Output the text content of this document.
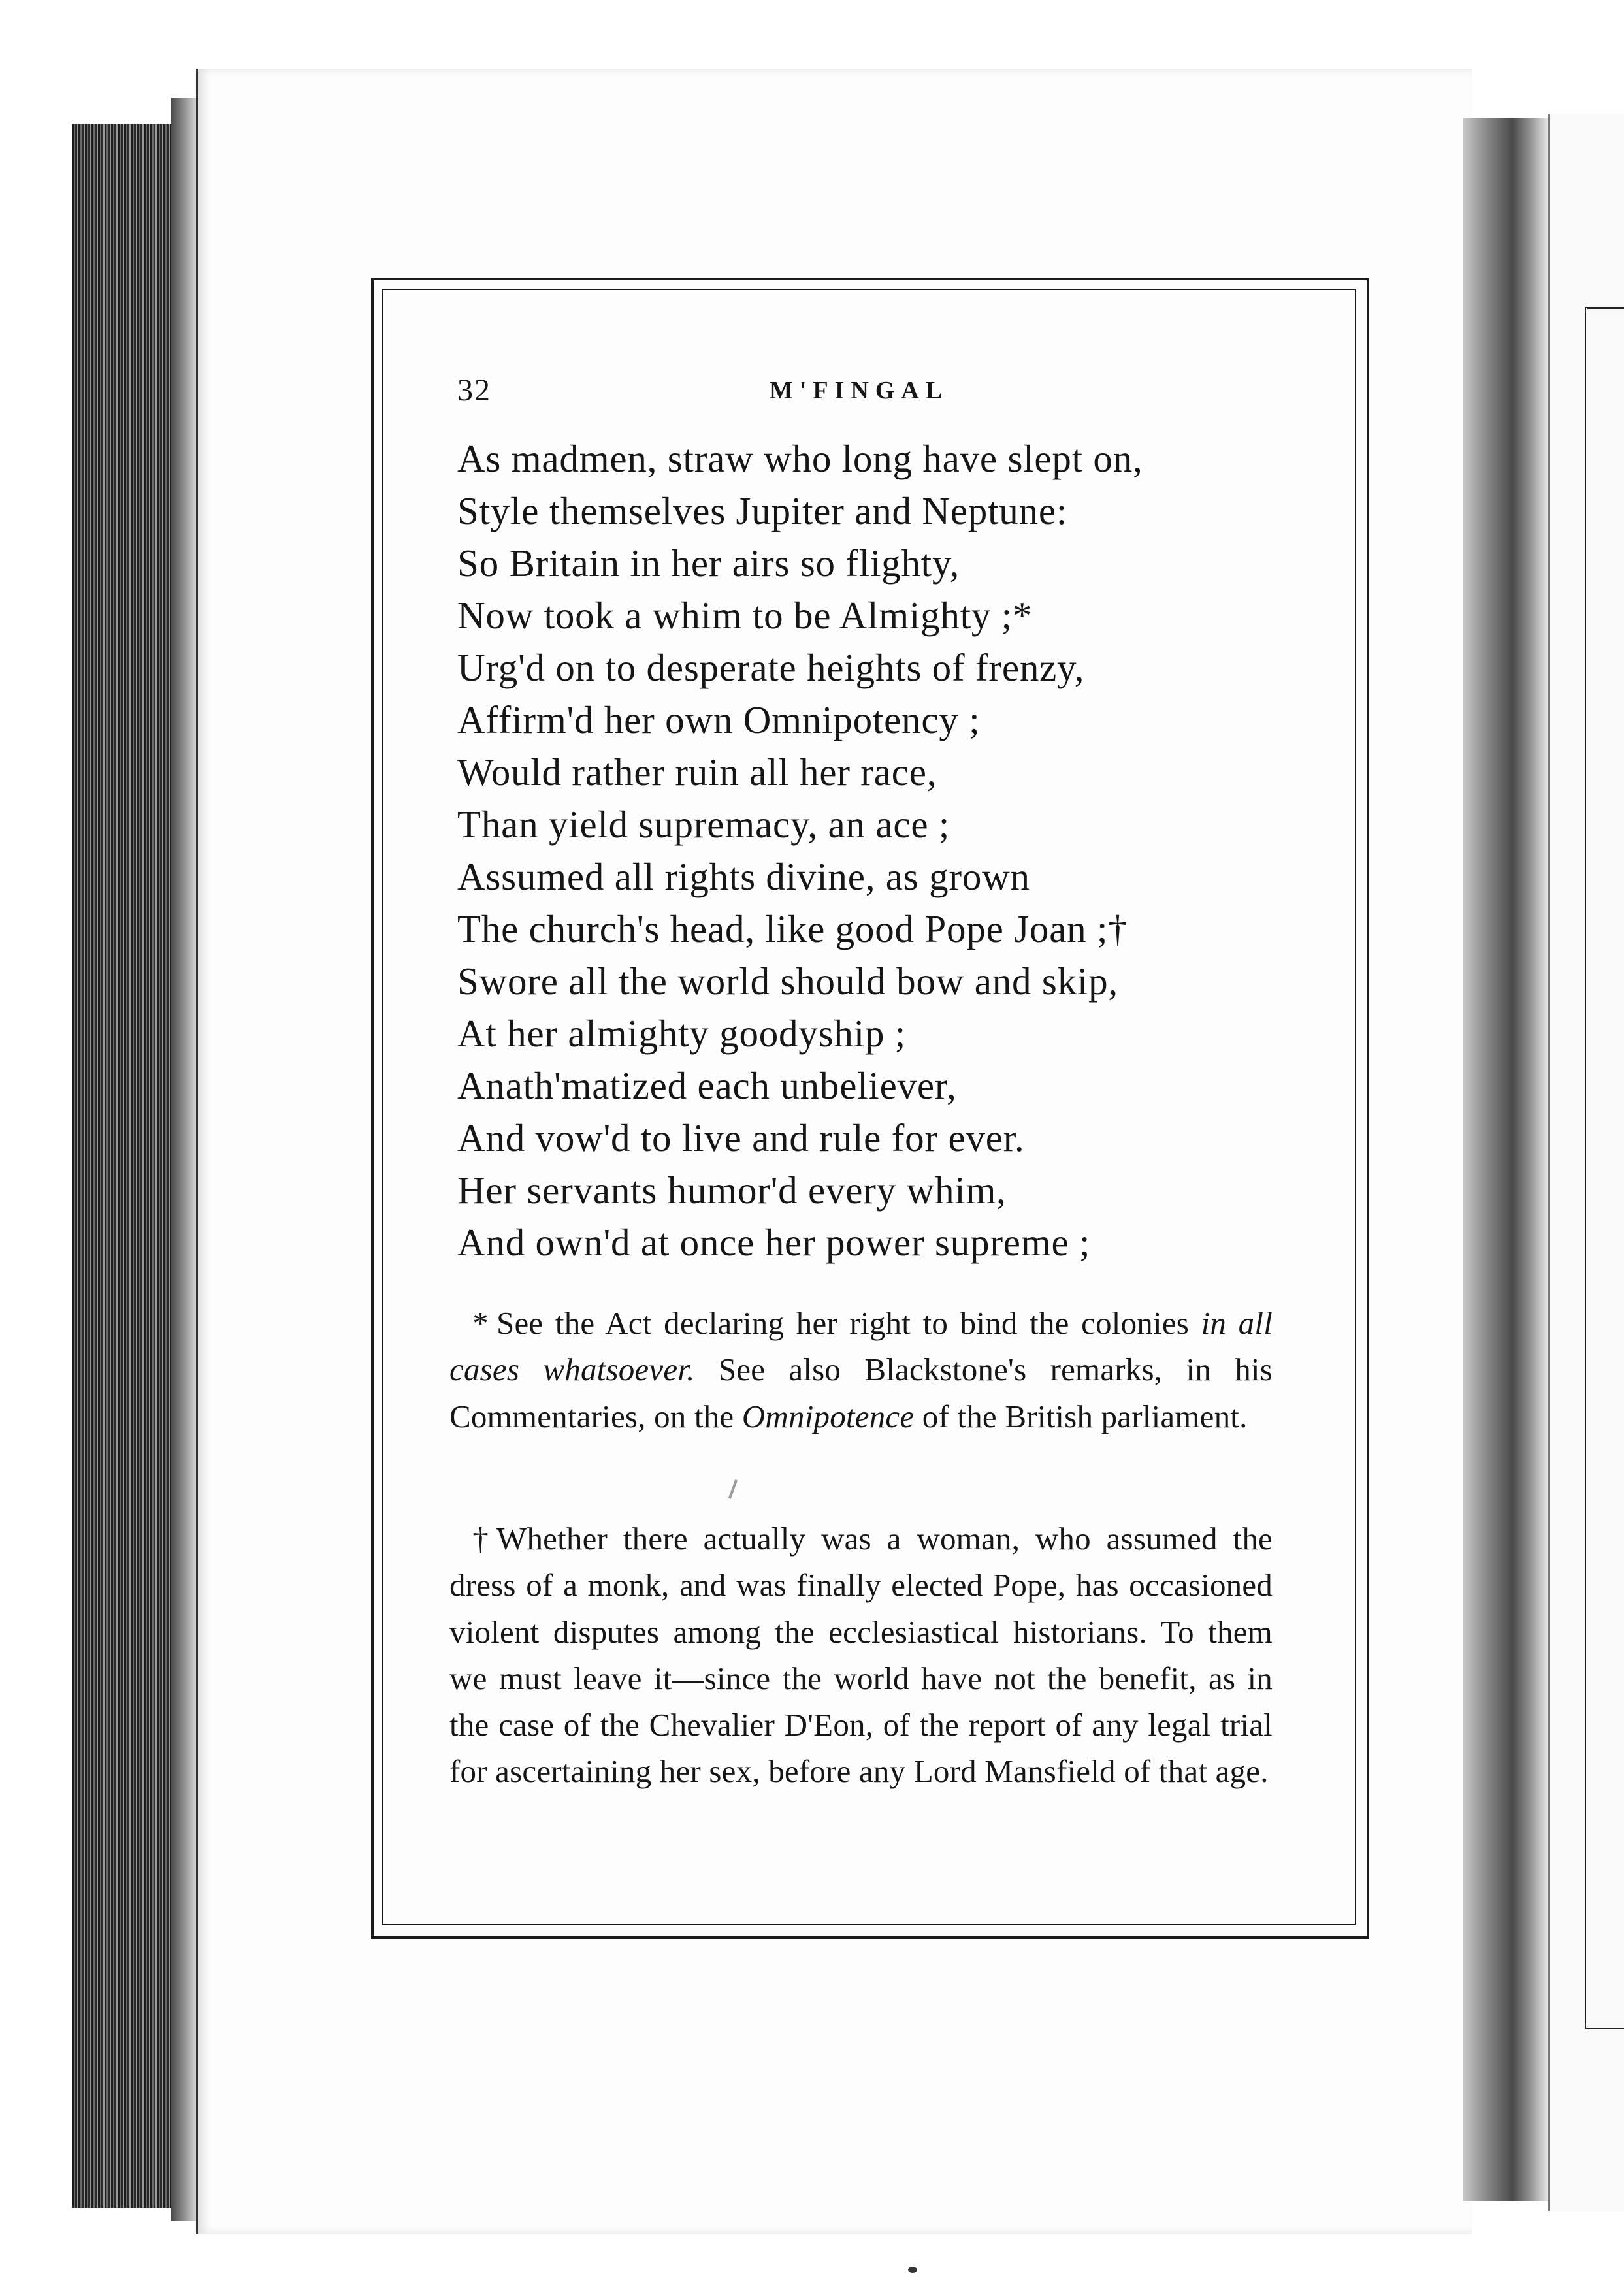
32	M'FINGAL
As madmen, straw who long have slept on,
Style themselves Jupiter and Neptune:
So Britain in her airs so flighty,
Now took a whim to be Almighty ;*
Urg'd on to desperate heights of frenzy,
Affirm'd her own Omnipotency ;
Would rather ruin all her race,
Than yield supremacy, an ace ;
Assumed all rights divine, as grown
The church's head, like good Pope Joan ;†
Swore all the world should bow and skip,
At her almighty goodyship ;
Anath'matized each unbeliever,
And vow'd to live and rule for ever.
Her servants humor'd every whim,
And own'd at once her power supreme ;
* See the Act declaring her right to bind the colonies in all cases whatsoever. See also Blackstone's remarks, in his Commentaries, on the Omnipotence of the British parliament.
† Whether there actually was a woman, who assumed the dress of a monk, and was finally elected Pope, has occasioned violent disputes among the ecclesiastical historians. To them we must leave it—since the world have not the benefit, as in the case of the Chevalier D'Eon, of the report of any legal trial for ascertaining her sex, before any Lord Mansfield of that age.
